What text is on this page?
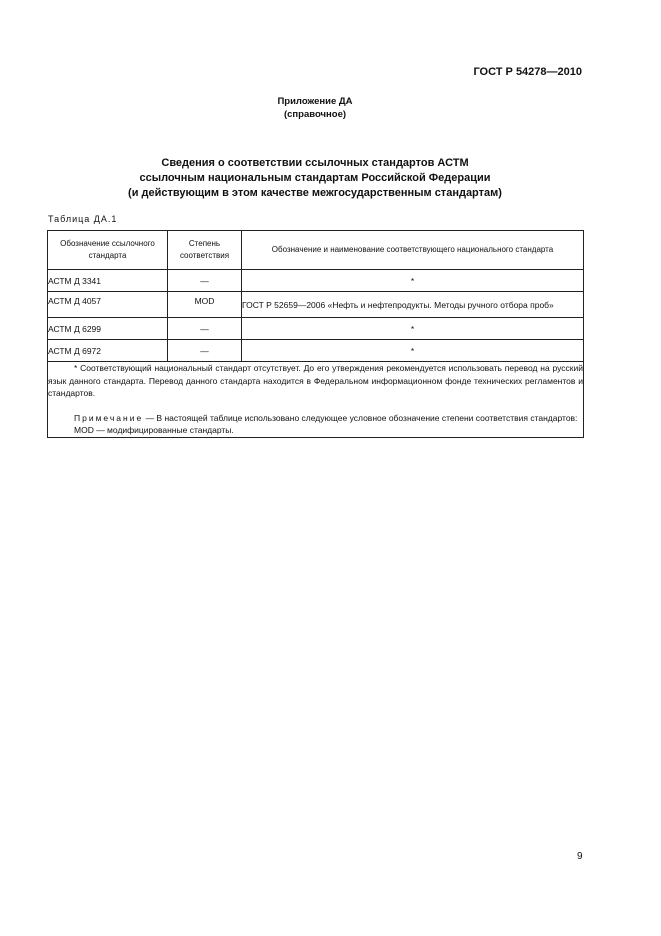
ГОСТ Р 54278—2010
Приложение ДА
(справочное)
Сведения о соответствии ссылочных стандартов АСТМ
ссылочным национальным стандартам Российской Федерации
(и действующим в этом качестве межгосударственным стандартам)
Таблица ДА.1
Обозначение ссылочного стандарта	Степень соответствия	Обозначение и наименование соответствующего национального стандарта
АСТМ Д 3341	—	*
АСТМ Д 4057	MOD	ГОСТ Р 52659—2006 «Нефть и нефтепродукты. Методы ручного отбора проб»
АСТМ Д 6299	—	*
АСТМ Д 6972	—	*

* Соответствующий национальный стандарт отсутствует. До его утверждения рекомендуется использовать перевод на русский язык данного стандарта. Перевод данного стандарта находится в Федеральном информационном фонде технических регламентов и стандартов.

Примечание — В настоящей таблице использовано следующее условное обозначение степени соответствия стандартов:

MOD — модифицированные стандарты.		

9
